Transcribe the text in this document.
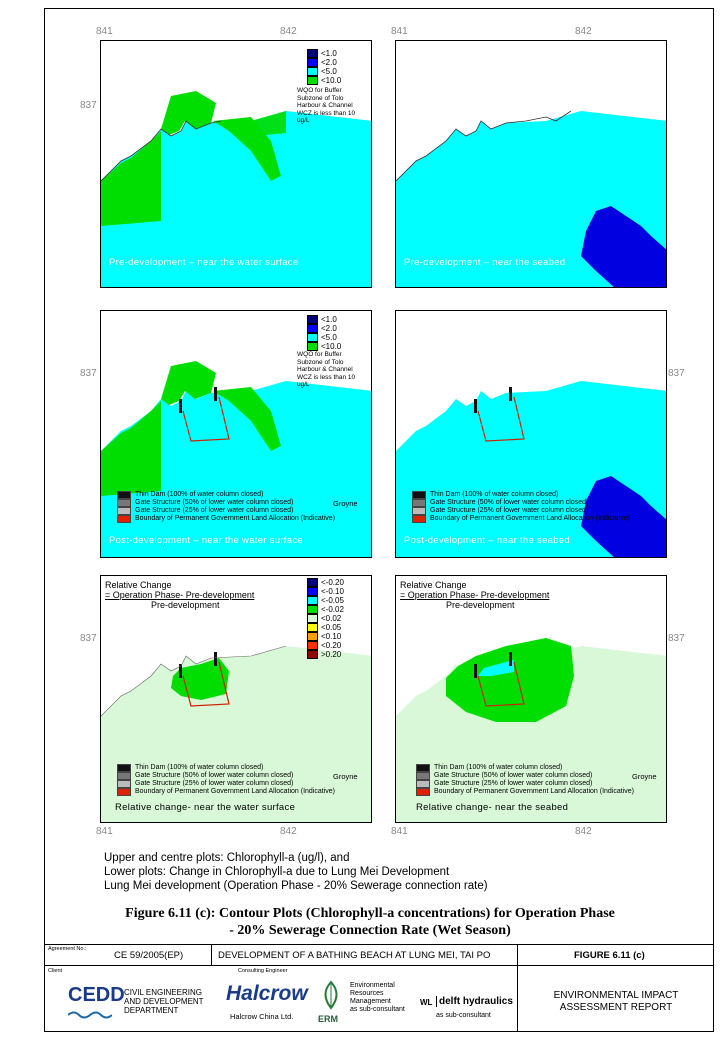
841	842	841	842
837
837	837
837	837
841	842	841	842
<1.0
<2.0
<5.0
<10.0
WQO for Buffer Subzone of Tolo Harbour & Channel WCZ is less than 10 ug/L
Pre-development – near the water surface	Pre-development – near the seabed
<1.0
<2.0
<5.0
<10.0
WQO for Buffer Subzone of Tolo Harbour & Channel WCZ is less than 10 ug/L
Thin Dam (100% of water column closed)
Gate Structure (50% of lower water column closed)
Gate Structure (25% of lower water column closed)
Boundary of Permanent Government Land Allocation (Indicative)
Groyne
Post-development – near the water surface
Thin Dam (100% of water column closed)
Gate Structure (50% of lower water column closed)
Gate Structure (25% of lower water column closed)
Boundary of Permanent Government Land Allocation (Indicative)
Post-development – near the seabed
Relative Change
= Operation Phase- Pre-development
Pre-development
<-0.20
<-0.10
<-0.05
<-0.02
<0.02
<0.05
<0.10
<0.20
>0.20
Thin Dam (100% of water column closed)
Gate Structure (50% of lower water column closed)
Gate Structure (25% of lower water column closed)
Boundary of Permanent Government Land Allocation (Indicative)
Groyne
Relative change- near the water surface
Relative Change
= Operation Phase- Pre-development
Pre-development
Thin Dam (100% of water column closed)
Gate Structure (50% of lower water column closed)
Gate Structure (25% of lower water column closed)
Boundary of Permanent Government Land Allocation (Indicative)
Groyne
Relative change- near the seabed
Upper and centre plots: Chlorophyll-a (ug/l), and
Lower plots: Change in Chlorophyll-a due to Lung Mei Development
Lung Mei development (Operation Phase - 20% Sewerage connection rate)
Figure 6.11 (c): Contour Plots (Chlorophyll-a concentrations) for Operation Phase
- 20% Sewerage Connection Rate (Wet Season)
Agreement No.:
CE 59/2005(EP)	DEVELOPMENT OF A BATHING BEACH AT LUNG MEI, TAI PO	FIGURE 6.11 (c)
Client	Consulting Engineer
CEDD CIVIL ENGINEERING
AND DEVELOPMENT
DEPARTMENT
Halcrow
Halcrow China Ltd.	ERM
Environmental
Resources
Management
as sub-consultant
WL delft hydraulics
as sub-consultant
ENVIRONMENTAL IMPACT
ASSESSMENT REPORT
